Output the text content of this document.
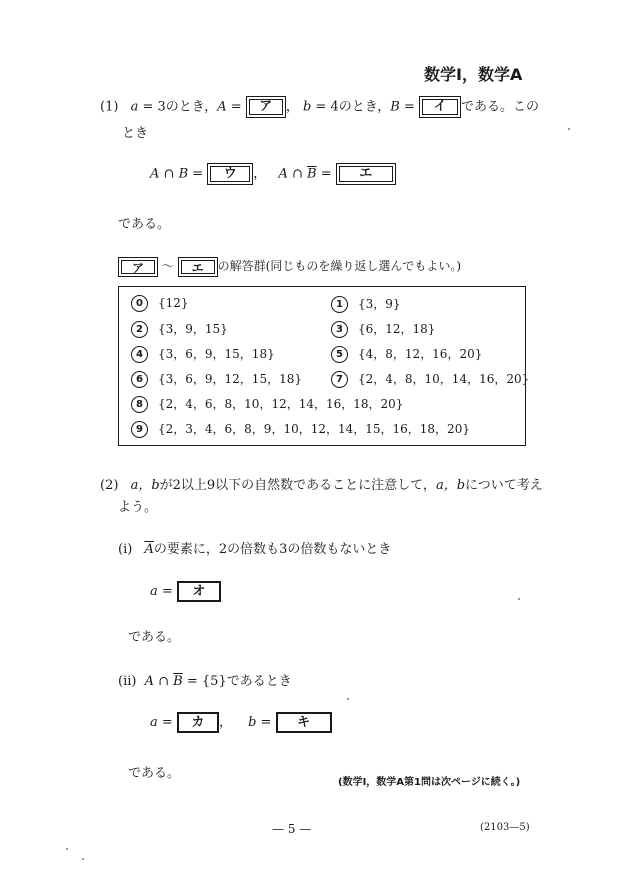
数学Ⅰ，数学A
(1) a = 3のとき，A =	ア	， b = 4のとき，B =	イ	である。この
とき
A ∩ B =	ウ	， A ∩ $\overline{B}$ =	エ
である。
ア	〜	エ	の解答群(同じものを繰り返し選んでもよい。)
0 {12}	1 {3，9}
2 {3，9，15}	3 {6，12，18}
4 {3，6，9，15，18}	5 {4，8，12，16，20}
6 {3，6，9，12，15，18}	7 {2，4，8，10，14，16，20}
8 {2，4，6，8，10，12，14，16，18，20}
9 {2，3，4，6，8，9，10，12，14，15，16，18，20}
(2) a，bが2以上9以下の自然数であることに注意して，a，bについて考え
よう。
(i) $\overline{A}$の要素に，2の倍数も3の倍数もないとき
a = オ
である。
(ii) A ∩ $\overline{B} = \{5\}$であるとき
a = カ ， b = キ
である。
(数学Ⅰ，数学A第1問は次ページに続く。)
— 5 —	(2103—5)
